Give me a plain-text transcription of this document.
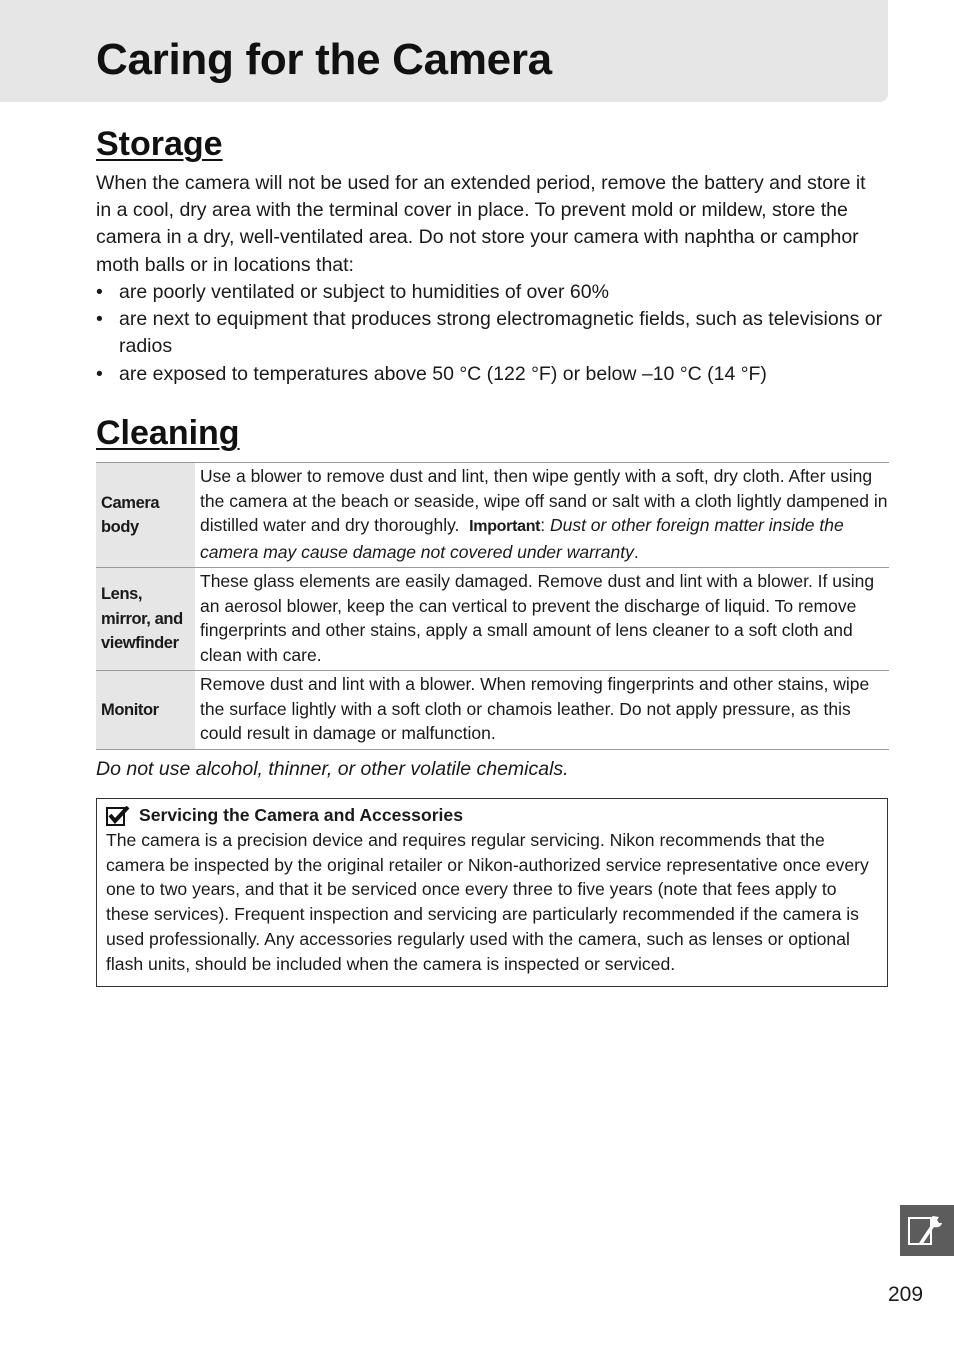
Caring for the Camera
Storage

When the camera will not be used for an extended period, remove the battery and store it in a cool, dry area with the terminal cover in place. To prevent mold or mildew, store the camera in a dry, well-ventilated area. Do not store your camera with naphtha or camphor moth balls or in locations that:

• are poorly ventilated or subject to humidities of over 60%
• are next to equipment that produces strong electromagnetic fields, such as televisions or radios
• are exposed to temperatures above 50 °C (122 °F) or below –10 °C (14 °F)
Cleaning
Camera body	Use a blower to remove dust and lint, then wipe gently with a soft, dry cloth. After using the camera at the beach or seaside, wipe off sand or salt with a cloth lightly dampened in distilled water and dry thoroughly. Important: Dust or other foreign matter inside the camera may cause damage not covered under warranty.
Lens, mirror, and viewfinder	These glass elements are easily damaged. Remove dust and lint with a blower. If using an aerosol blower, keep the can vertical to prevent the discharge of liquid. To remove fingerprints and other stains, apply a small amount of lens cleaner to a soft cloth and clean with care.
Monitor	Remove dust and lint with a blower. When removing fingerprints and other stains, wipe the surface lightly with a soft cloth or chamois leather. Do not apply pressure, as this could result in damage or malfunction.

Do not use alcohol, thinner, or other volatile chemicals.

Servicing the Camera and Accessories

The camera is a precision device and requires regular servicing. Nikon recommends that the camera be inspected by the original retailer or Nikon-authorized service representative once every one to two years, and that it be serviced once every three to five years (note that fees apply to these services). Frequent inspection and servicing are particularly recommended if the camera is used professionally. Any accessories regularly used with the camera, such as lenses or optional flash units, should be included when the camera is inspected or serviced.

209
